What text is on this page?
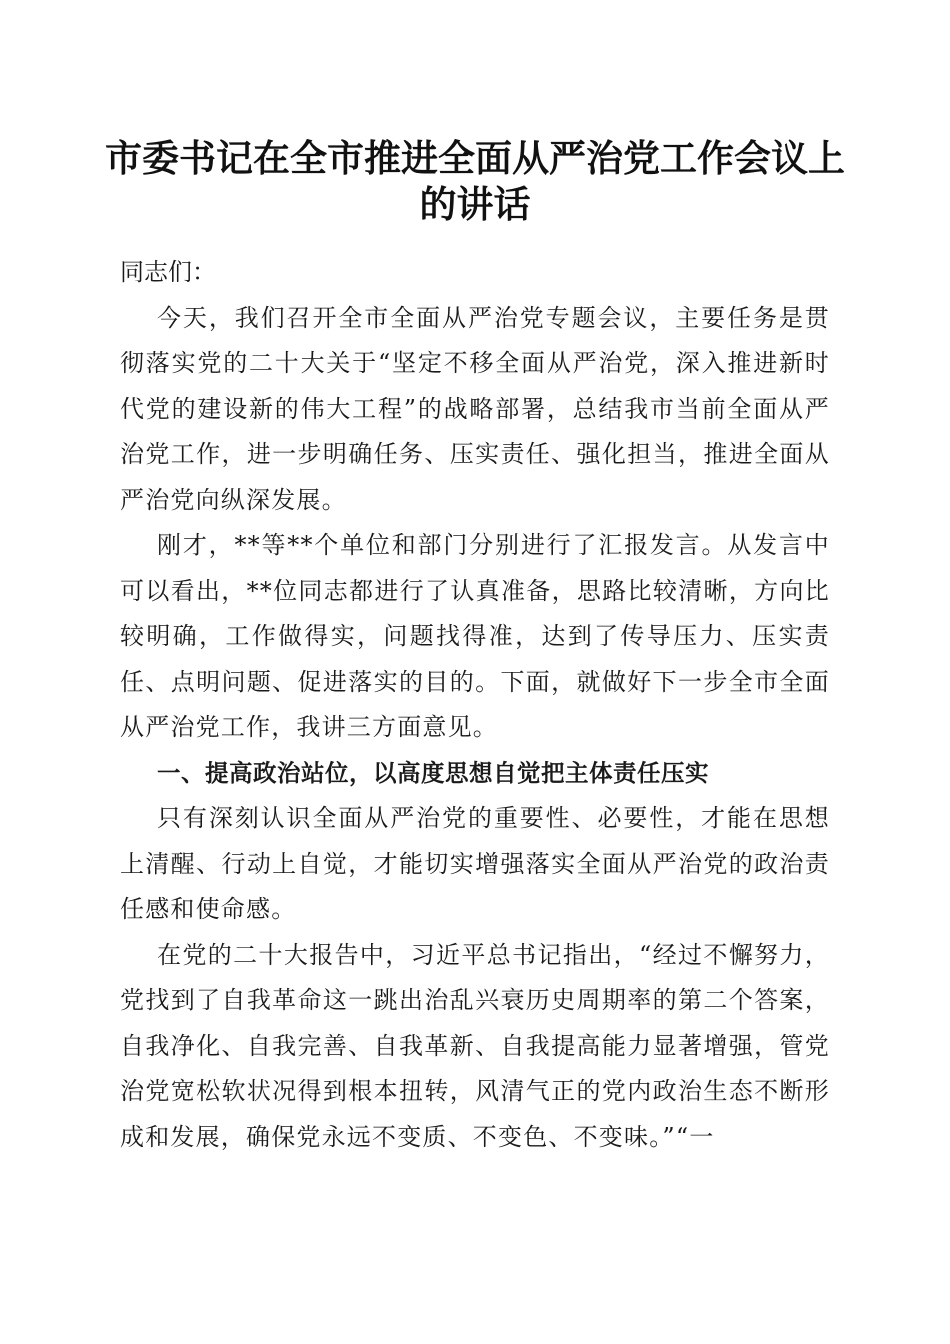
市委书记在全市推进全面从严治党工作会议上的讲话

同志们：

今天，我们召开全市全面从严治党专题会议，主要任务是贯彻落实党的二十大关于“坚定不移全面从严治党，深入推进新时代党的建设新的伟大工程”的战略部署，总结我市当前全面从严治党工作，进一步明确任务、压实责任、强化担当，推进全面从严治党向纵深发展。

刚才，**等**个单位和部门分别进行了汇报发言。从发言中可以看出，**位同志都进行了认真准备，思路比较清晰，方向比较明确，工作做得实，问题找得准，达到了传导压力、压实责任、点明问题、促进落实的目的。下面，就做好下一步全市全面从严治党工作，我讲三方面意见。

一、提高政治站位，以高度思想自觉把主体责任压实

只有深刻认识全面从严治党的重要性、必要性，才能在思想上清醒、行动上自觉，才能切实增强落实全面从严治党的政治责任感和使命感。

在党的二十大报告中，习近平总书记指出，“经过不懈努力，党找到了自我革命这一跳出治乱兴衰历史周期率的第二个答案，自我净化、自我完善、自我革新、自我提高能力显著增强，管党治党宽松软状况得到根本扭转，风清气正的党内政治生态不断形成和发展，确保党永远不变质、不变色、不变味。”“一
